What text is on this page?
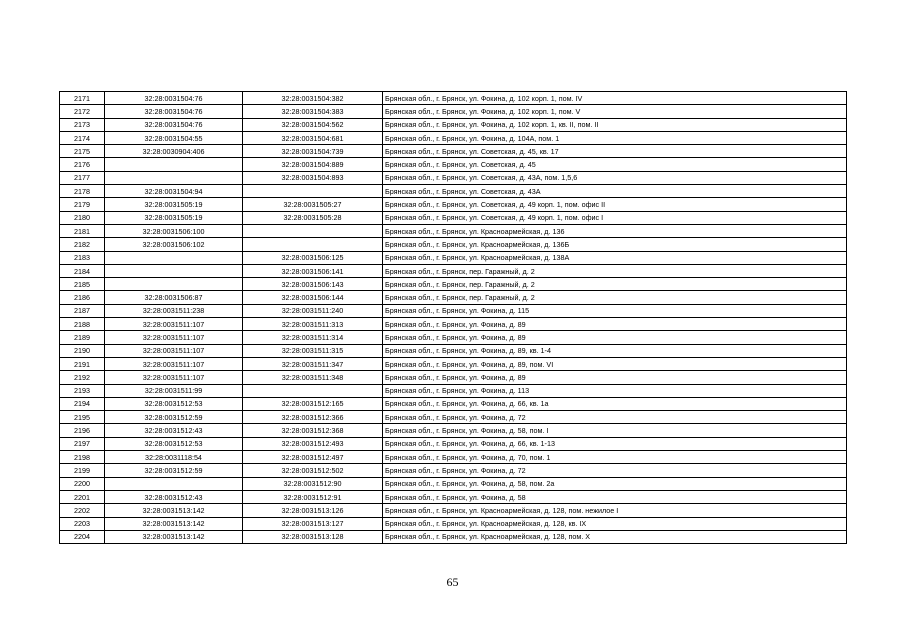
2171	32:28:0031504:76	32:28:0031504:382	Брянская обл., г. Брянск, ул. Фокина, д. 102 корп. 1, пом. IV
2172	32:28:0031504:76	32:28:0031504:383	Брянская обл., г. Брянск, ул. Фокина, д. 102 корп. 1, пом. V
2173	32:28:0031504:76	32:28:0031504:562	Брянская обл., г. Брянск, ул. Фокина, д. 102 корп. 1, кв. II, пом. II
2174	32:28:0031504:55	32:28:0031504:681	Брянская обл., г. Брянск, ул. Фокина, д. 104А, пом. 1
2175	32:28:0030904:406	32:28:0031504:739	Брянская обл., г. Брянск, ул. Советская, д. 45, кв. 17
2176		32:28:0031504:889	Брянская обл., г. Брянск, ул. Советская, д. 45
2177		32:28:0031504:893	Брянская обл., г. Брянск, ул. Советская, д. 43А, пом. 1,5,6
2178	32:28:0031504:94		Брянская обл., г. Брянск, ул. Советская, д. 43А
2179	32:28:0031505:19	32:28:0031505:27	Брянская обл., г. Брянск, ул. Советская, д. 49 корп. 1, пом. офис II
2180	32:28:0031505:19	32:28:0031505:28	Брянская обл., г. Брянск, ул. Советская, д. 49 корп. 1, пом. офис I
2181	32:28:0031506:100		Брянская обл., г. Брянск, ул. Красноармейская, д. 136
2182	32:28:0031506:102		Брянская обл., г. Брянск, ул. Красноармейская, д. 136Б
2183		32:28:0031506:125	Брянская обл., г. Брянск, ул. Красноармейская, д. 138А
2184		32:28:0031506:141	Брянская обл., г. Брянск, пер. Гаражный, д. 2
2185		32:28:0031506:143	Брянская обл., г. Брянск, пер. Гаражный, д. 2
2186	32:28:0031506:87	32:28:0031506:144	Брянская обл., г. Брянск, пер. Гаражный, д. 2
2187	32:28:0031511:238	32:28:0031511:240	Брянская обл., г. Брянск, ул. Фокина, д. 115
2188	32:28:0031511:107	32:28:0031511:313	Брянская обл., г. Брянск, ул. Фокина, д. 89
2189	32:28:0031511:107	32:28:0031511:314	Брянская обл., г. Брянск, ул. Фокина, д. 89
2190	32:28:0031511:107	32:28:0031511:315	Брянская обл., г. Брянск, ул. Фокина, д. 89, кв. 1-4
2191	32:28:0031511:107	32:28:0031511:347	Брянская обл., г. Брянск, ул. Фокина, д. 89, пом. VI
2192	32:28:0031511:107	32:28:0031511:348	Брянская обл., г. Брянск, ул. Фокина, д. 89
2193	32:28:0031511:99		Брянская обл., г. Брянск, ул. Фокина, д. 113
2194	32:28:0031512:53	32:28:0031512:165	Брянская обл., г. Брянск, ул. Фокина, д. 66, кв. 1а
2195	32:28:0031512:59	32:28:0031512:366	Брянская обл., г. Брянск, ул. Фокина, д. 72
2196	32:28:0031512:43	32:28:0031512:368	Брянская обл., г. Брянск, ул. Фокина, д. 58, пом. I
2197	32:28:0031512:53	32:28:0031512:493	Брянская обл., г. Брянск, ул. Фокина, д. 66, кв. 1-13
2198	32:28:0031118:54	32:28:0031512:497	Брянская обл., г. Брянск, ул. Фокина, д. 70, пом. 1
2199	32:28:0031512:59	32:28:0031512:502	Брянская обл., г. Брянск, ул. Фокина, д. 72
2200		32:28:0031512:90	Брянская обл., г. Брянск, ул. Фокина, д. 58, пом. 2а
2201	32:28:0031512:43	32:28:0031512:91	Брянская обл., г. Брянск, ул. Фокина, д. 58
2202	32:28:0031513:142	32:28:0031513:126	Брянская обл., г. Брянск, ул. Красноармейская, д. 128, пом. нежилое I
2203	32:28:0031513:142	32:28:0031513:127	Брянская обл., г. Брянск, ул. Красноармейская, д. 128, кв. IX
2204	32:28:0031513:142	32:28:0031513:128	Брянская обл., г. Брянск, ул. Красноармейская, д. 128, пом. X
65
